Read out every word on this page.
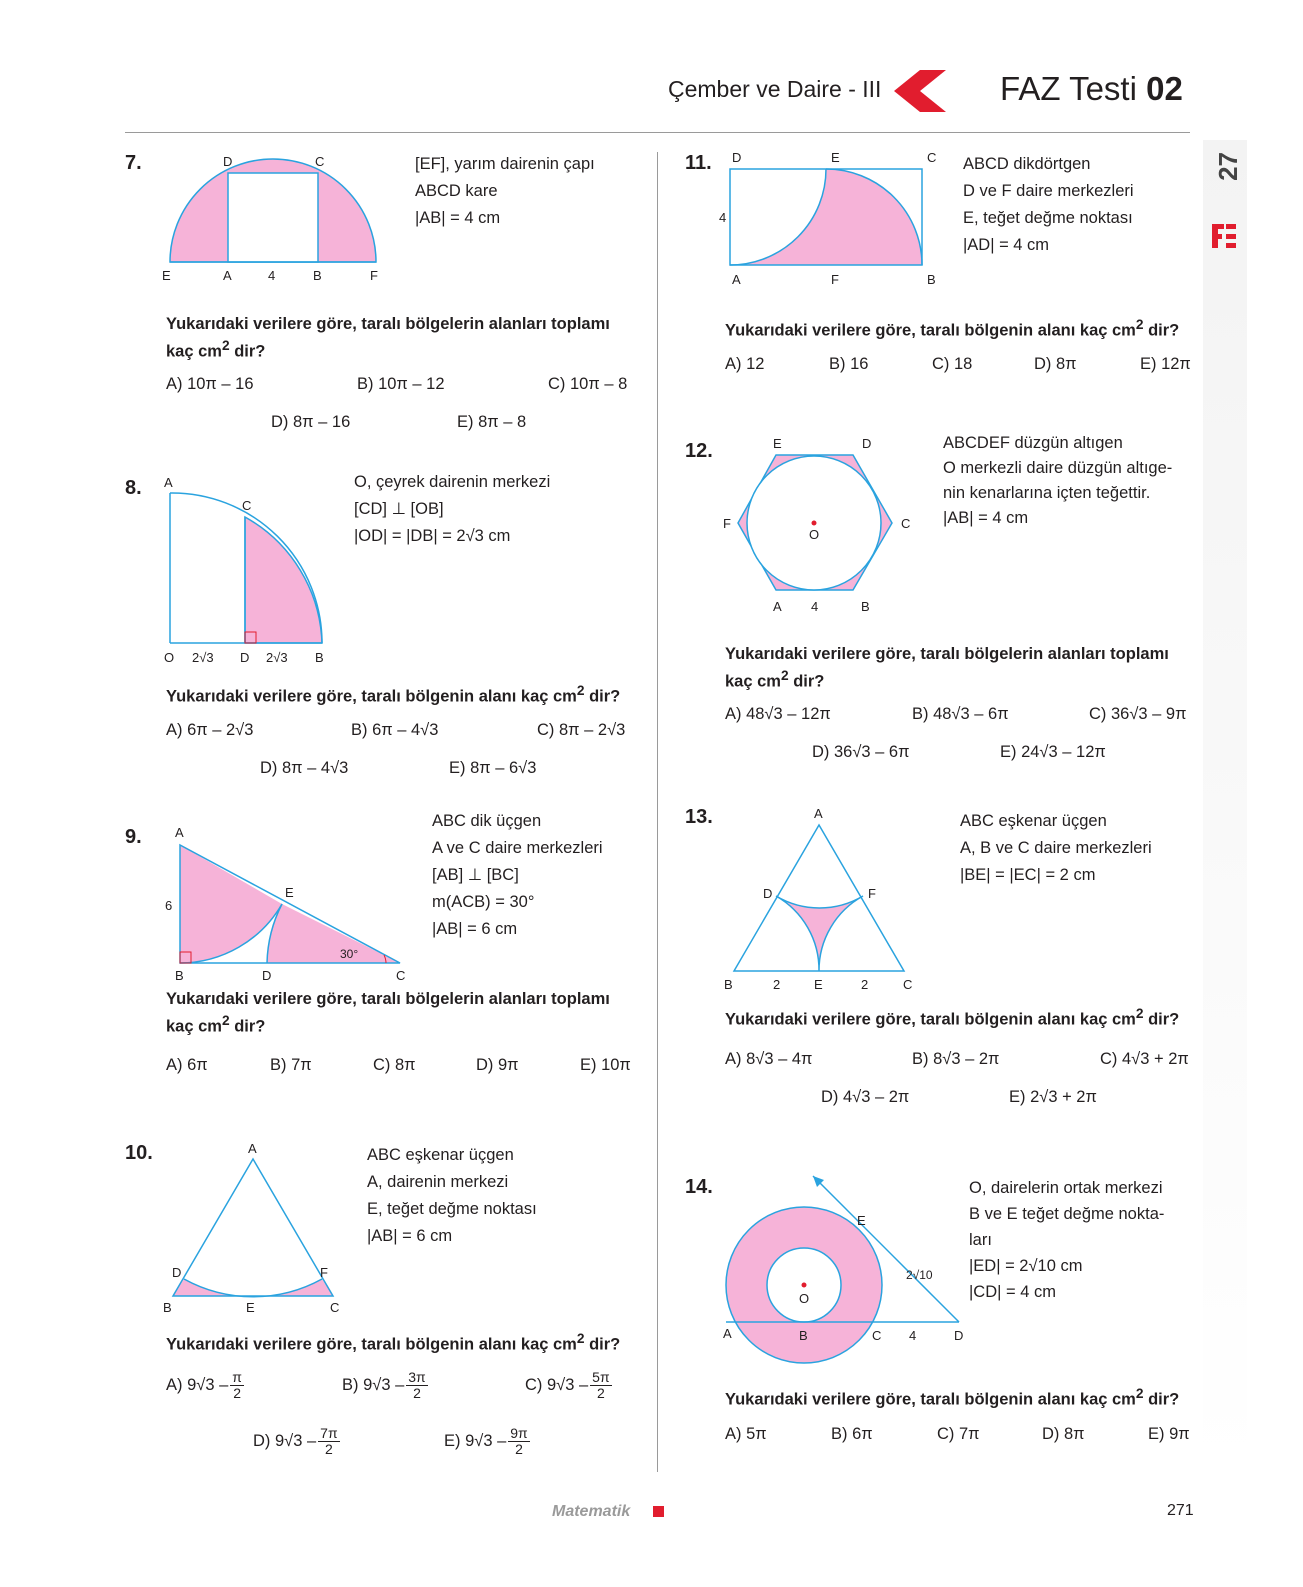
Çember ve Daire - III	FAZ Testi 02
27
7.	D	C
E	A	4	B	F
[EF], yarım dairenin çapı
ABCD kare
|AB| = 4 cm
Yukarıdaki verilere göre, taralı bölgelerin alanları toplamı
kaç $cm^2$ dir?
A) 10π – 16	B) 10π – 12	C) 10π – 8
D) 8π – 16	E) 8π – 8
8. A
C
O 2√3 D 2√3 B
O, çeyrek dairenin merkezi
[CD] ⊥ [OB]
|OD| = |DB| = 2√3 cm
Yukarıdaki verilere göre, taralı bölgenin alanı kaç $cm^2$ dir?
A) 6π – 2√3	B) 6π – 4√3	C) 8π – 2√3
D) 8π – 4√3	E) 8π – 6√3
9.	A
6
E
30°
B	D	C
ABC dik üçgen
A ve C daire merkezleri
[AB] ⊥ [BC]
m(ACB) = 30°
|AB| = 6 cm
Yukarıdaki verilere göre, taralı bölgelerin alanları toplamı
kaç $cm^2$ dir?
A) 6π	B) 7π	C) 8π	D) 9π	E) 10π
10.	A
D	F
B	E	C
ABC eşkenar üçgen
A, dairenin merkezi
E, teğet değme noktası
|AB| = 6 cm
Yukarıdaki verilere göre, taralı bölgenin alanı kaç $cm^2$ dir?
A) $9√3 - \frac{\pi}{2}$	B) $9√3 - \frac{3\pi}{2}$	C) $9√3 - \frac{5\pi}{2}$
D) $9√3 - \frac{7\pi}{2}$	E) $9√3 - \frac{9\pi}{2}$
11. D	E	C
4
A	F	B
ABCD dikdörtgen
D ve F daire merkezleri
E, teğet değme noktası
|AD| = 4 cm
Yukarıdaki verilere göre, taralı bölgenin alanı kaç $cm^2$ dir?
A) 12	B) 16	C) 18	D) 8π	E) 12π
12.	E	D
F	C
O
A 4	B
ABCDEF düzgün altıgen
O merkezli daire düzgün altıge-
nin kenarlarına içten teğettir.
|AB| = 4 cm
Yukarıdaki verilere göre, taralı bölgelerin alanları toplamı
kaç $cm^2$ dir?
A) 48√3 – 12π	B) 48√3 – 6π	C) 36√3 – 9π
D) 36√3 – 6π	E) 24√3 – 12π
13.	A
D	F
B	2	E	2	C
ABC eşkenar üçgen
A, B ve C daire merkezleri
|BE| = |EC| = 2 cm
Yukarıdaki verilere göre, taralı bölgenin alanı kaç $cm^2$ dir?
A) 8√3 – 4π	B) 8√3 – 2π	C) 4√3 + 2π
D) 4√3 – 2π	E) 2√3 + 2π
14.
E
O
2√10
A	B	C 4	D
O, dairelerin ortak merkezi
B ve E teğet değme nokta-
ları
|ED| = 2√10 cm
|CD| = 4 cm
Yukarıdaki verilere göre, taralı bölgenin alanı kaç $cm^2$ dir?
A) 5π	B) 6π	C) 7π	D) 8π	E) 9π
Matematik	271
